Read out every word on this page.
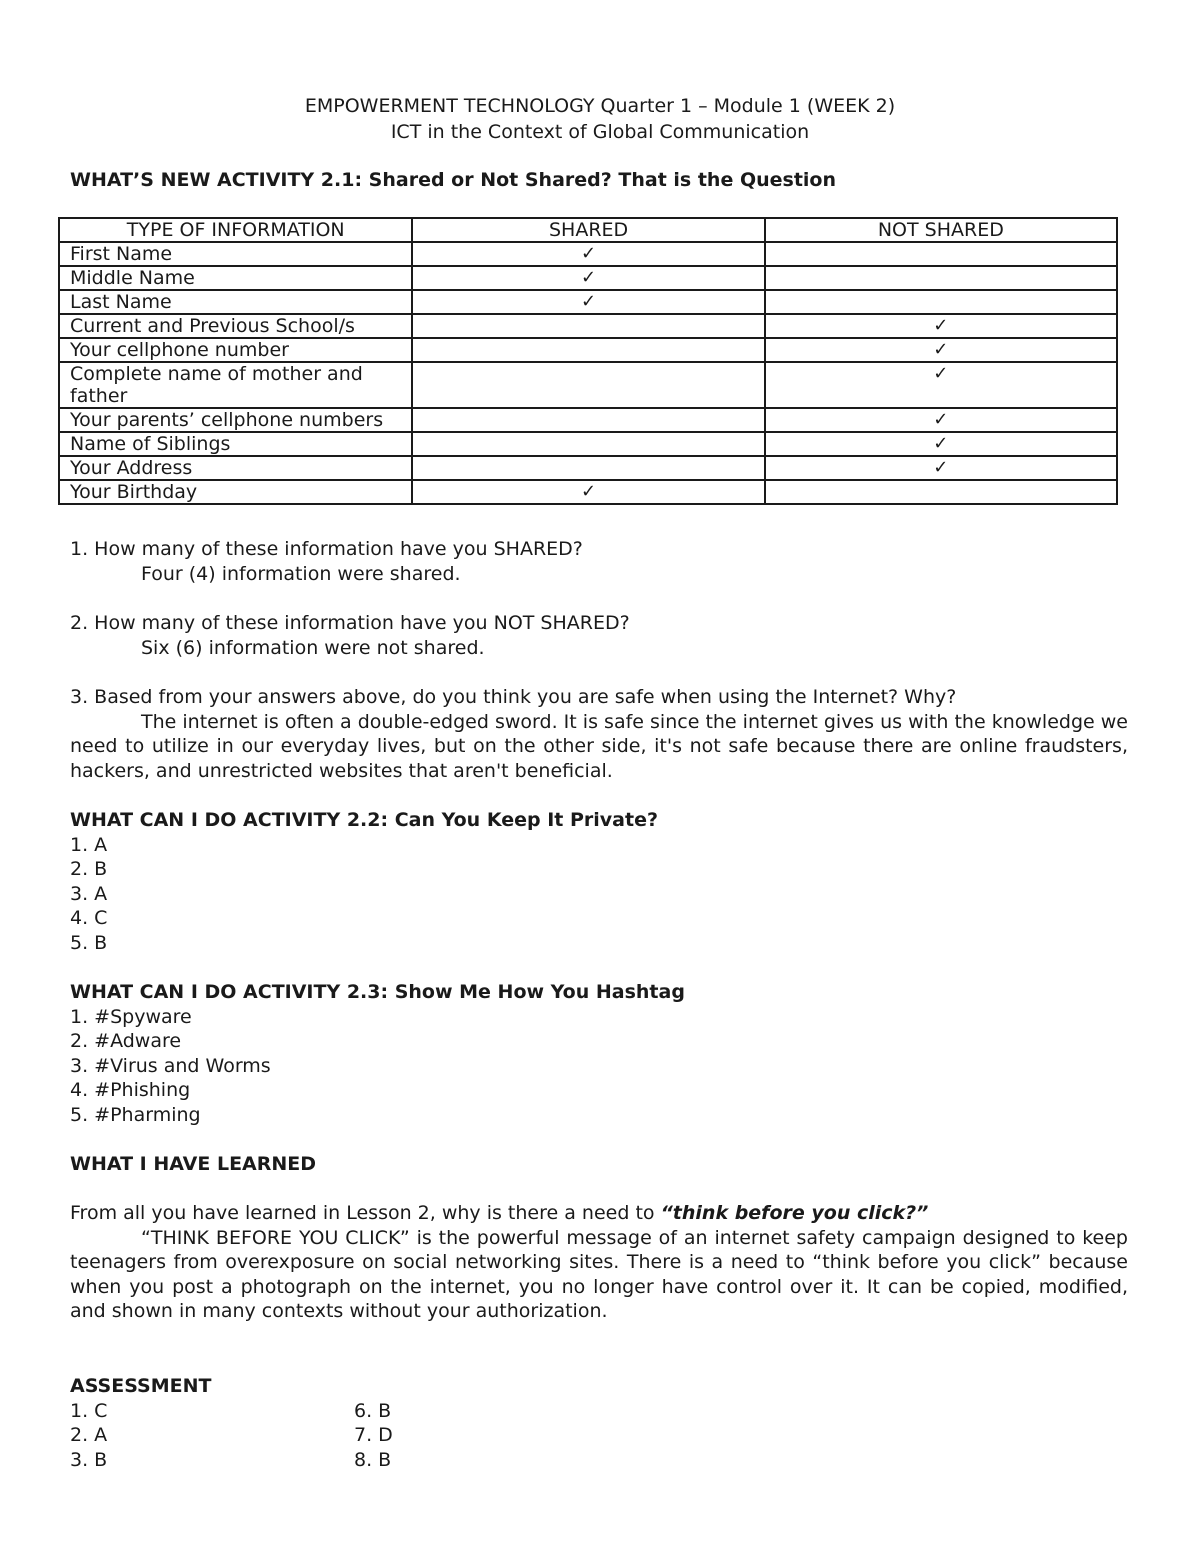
EMPOWERMENT TECHNOLOGY Quarter 1 – Module 1 (WEEK 2)
ICT in the Context of Global Communication
WHAT’S NEW ACTIVITY 2.1: Shared or Not Shared? That is the Question
TYPE OF INFORMATION	SHARED	NOT SHARED
First Name	✓	
Middle Name	✓	
Last Name	✓	
Current and Previous School/s		✓
Your cellphone number		✓
Complete name of mother and father		✓
Your parents’ cellphone numbers		✓
Name of Siblings		✓
Your Address		✓
Your Birthday	✓	
1. How many of these information have you SHARED?
Four (4) information were shared.
2. How many of these information have you NOT SHARED?
Six (6) information were not shared.
3. Based from your answers above, do you think you are safe when using the Internet? Why?
The internet is often a double-edged sword. It is safe since the internet gives us with the knowledge we need to utilize in our everyday lives, but on the other side, it's not safe because there are online fraudsters, hackers, and unrestricted websites that aren't beneficial.
WHAT CAN I DO ACTIVITY 2.2: Can You Keep It Private?
1. A
2. B
3. A
4. C
5. B
WHAT CAN I DO ACTIVITY 2.3: Show Me How You Hashtag
1. #Spyware
2. #Adware
3. #Virus and Worms
4. #Phishing
5. #Pharming
WHAT I HAVE LEARNED
From all you have learned in Lesson 2, why is there a need to “think before you click?”
“THINK BEFORE YOU CLICK” is the powerful message of an internet safety campaign designed to keep teenagers from overexposure on social networking sites. There is a need to “think before you click” because when you post a photograph on the internet, you no longer have control over it. It can be copied, modified, and shown in many contexts without your authorization.
ASSESSMENT
1. C	6. B
2. A	7. D
3. B	8. B
